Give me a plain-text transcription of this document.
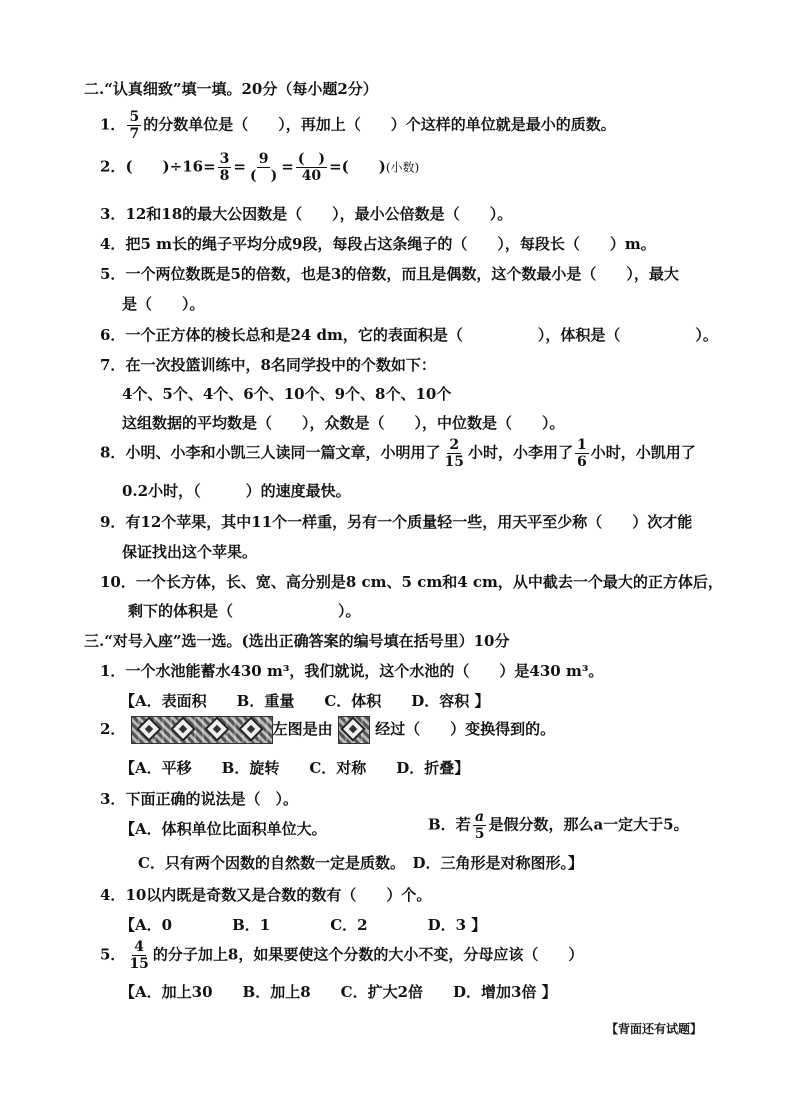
二.“认真细致”填一填。20分（每小题2分）
1． $\frac{5}{7}$ 的分数单位是（　　），再加上（　　）个这样的单位就是最小的质数。
2．(　　)$\div 16= \frac{3}{8} = \frac{9}{( )} = \frac{( )}{40}$ =(　　)(小数)
3．12和18的最大公因数是（　　），最小公倍数是（　　）。
4．把5 m长的绳子平均分成9段，每段占这条绳子的（　　），每段长（　　）m。
5．一个两位数既是5的倍数，也是3的倍数，而且是偶数，这个数最小是（　　），最大
是（　　）。
6．一个正方体的棱长总和是24 dm，它的表面积是（　　　　　），体积是（　　　　　）。
7．在一次投篮训练中，8名同学投中的个数如下：
4个、5个、4个、6个、10个、9个、8个、10个
这组数据的平均数是（　　），众数是（　　），中位数是（　　）。
8．小明、小李和小凯三人读同一篇文章，小明用了 $\frac{2}{15}$ 小时，小李用了 $\frac{1}{6}$ 小时，小凯用了
0.2小时，（　　　）的速度最快。
9．有12个苹果，其中11个一样重，另有一个质量轻一些，用天平至少称（　　）次才能
保证找出这个苹果。
10．一个长方体，长、宽、高分别是8 cm、5 cm和4 cm，从中截去一个最大的正方体后，
剩下的体积是（　　　　　　　）。
三.“对号入座”选一选。(选出正确答案的编号填在括号里）10分
1．一个水池能蓄水430 m³，我们就说，这个水池的（　　）是430 m³。
【A．表面积　　B．重量　　C．体积　　D．容积 】
2．	左图是由	经过（　　）变换得到的。
【A．平移　　B．旋转　　C．对称　　D．折叠】
3．下面正确的说法是（　）。
【A．体积单位比面积单位大。	B．若 $\frac{a}{5}$ 是假分数，那么a一定大于5。
C．只有两个因数的自然数一定是质数。　D．三角形是对称图形。】
4．10以内既是奇数又是合数的数有（　　）个。
【A．0　　　　B．1　　　　C．2　　　　D．3 】
5． $\frac{4}{15}$ 的分子加上8，如果要使这个分数的大小不变，分母应该（　　）
【A．加上30　　B．加上8　　C．扩大2倍　　D．增加3倍 】
【背面还有试题】
